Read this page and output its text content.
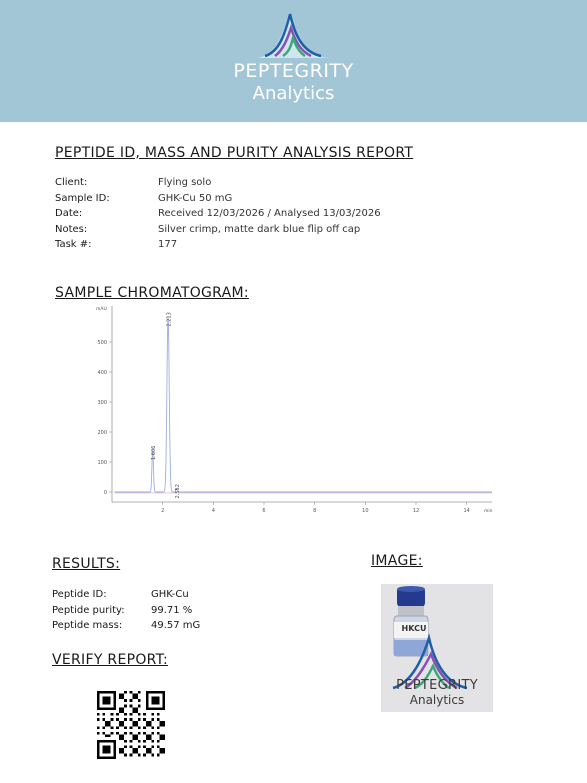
PEPTEGRITY
Analytics
PEPTIDE ID, MASS AND PURITY ANALYSIS REPORT
Client:	Flying solo
Sample ID:	GHK-Cu 50 mG
Date:	Received 12/03/2026 / Analysed 13/03/2026
Notes:	Silver crimp, matte dark blue flip off cap
Task #:	177
SAMPLE CHROMATOGRAM:
0
100
200
300
400
500
2	4	6	8	10	12	14
mAU
min
1.606
2.213
2.552
RESULTS:
Peptide ID:	GHK-Cu
Peptide purity:	99.71 %
Peptide mass:	49.57 mG
IMAGE:
HKCU
PEPTEGRITY
Analytics
VERIFY REPORT:
